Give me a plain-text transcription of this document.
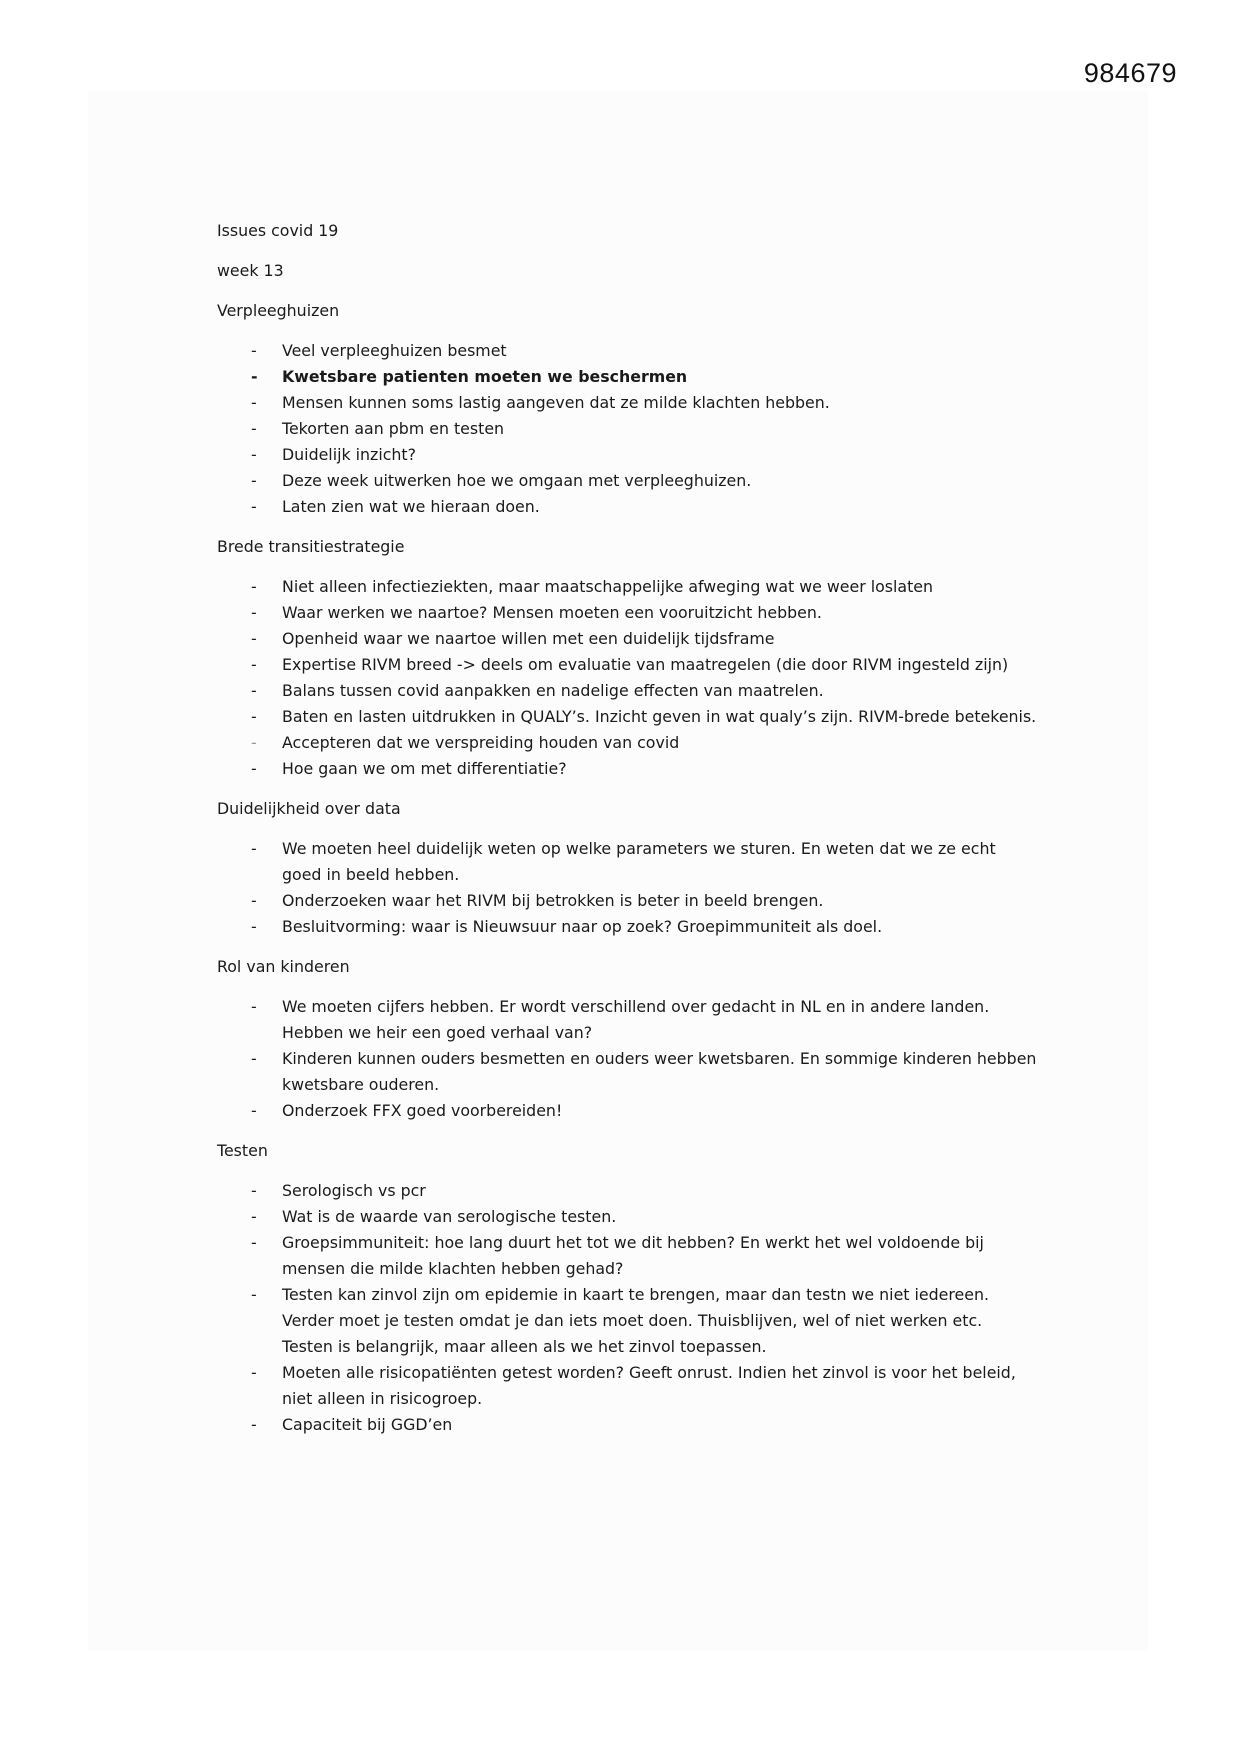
984679

Issues covid 19

week 13

Verpleeghuizen

- Veel verpleeghuizen besmet
- Kwetsbare patienten moeten we beschermen
- Mensen kunnen soms lastig aangeven dat ze milde klachten hebben.
- Tekorten aan pbm en testen
- Duidelijk inzicht?
- Deze week uitwerken hoe we omgaan met verpleeghuizen.
- Laten zien wat we hieraan doen.

Brede transitiestrategie

- Niet alleen infectieziekten, maar maatschappelijke afweging wat we weer loslaten
- Waar werken we naartoe? Mensen moeten een vooruitzicht hebben.
- Openheid waar we naartoe willen met een duidelijk tijdsframe
- Expertise RIVM breed -> deels om evaluatie van maatregelen (die door RIVM ingesteld zijn)
- Balans tussen covid aanpakken en nadelige effecten van maatrelen.
- Baten en lasten uitdrukken in QUALY’s. Inzicht geven in wat qualy’s zijn. RIVM-brede betekenis.
- Accepteren dat we verspreiding houden van covid
- Hoe gaan we om met differentiatie?

Duidelijkheid over data

- We moeten heel duidelijk weten op welke parameters we sturen. En weten dat we ze echt goed in beeld hebben.
- Onderzoeken waar het RIVM bij betrokken is beter in beeld brengen.
- Besluitvorming: waar is Nieuwsuur naar op zoek? Groepimmuniteit als doel.

Rol van kinderen

- We moeten cijfers hebben. Er wordt verschillend over gedacht in NL en in andere landen. Hebben we heir een goed verhaal van?
- Kinderen kunnen ouders besmetten en ouders weer kwetsbaren. En sommige kinderen hebben kwetsbare ouderen.
- Onderzoek FFX goed voorbereiden!

Testen

- Serologisch vs pcr
- Wat is de waarde van serologische testen.
- Groepsimmuniteit: hoe lang duurt het tot we dit hebben? En werkt het wel voldoende bij mensen die milde klachten hebben gehad?
- Testen kan zinvol zijn om epidemie in kaart te brengen, maar dan testn we niet iedereen. Verder moet je testen omdat je dan iets moet doen. Thuisblijven, wel of niet werken etc. Testen is belangrijk, maar alleen als we het zinvol toepassen.
- Moeten alle risicopatiënten getest worden? Geeft onrust. Indien het zinvol is voor het beleid, niet alleen in risicogroep.
- Capaciteit bij GGD’en
